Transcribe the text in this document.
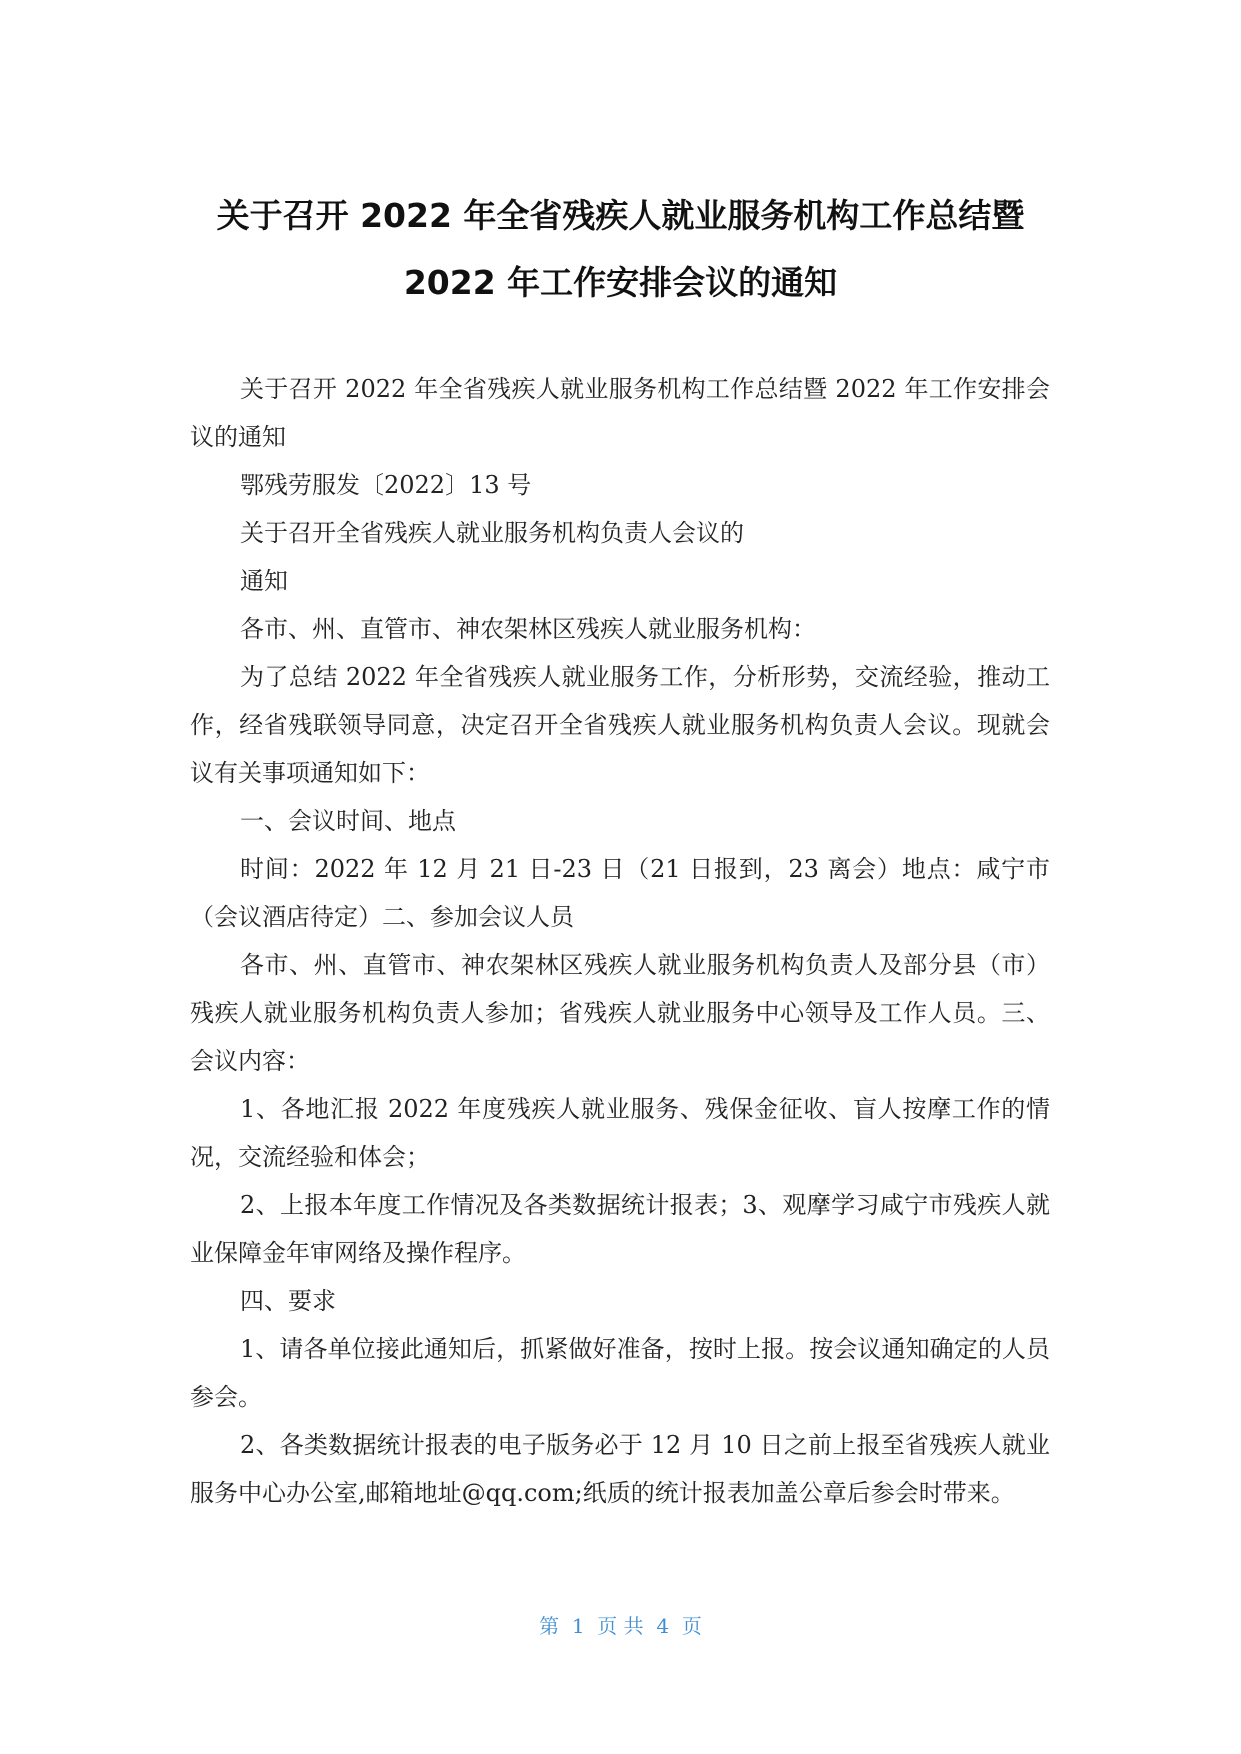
关于召开 2022 年全省残疾人就业服务机构工作总结暨
2022 年工作安排会议的通知

关于召开 2022 年全省残疾人就业服务机构工作总结暨 2022 年工作安排会议的通知

鄂残劳服发〔2022〕13 号

关于召开全省残疾人就业服务机构负责人会议的

通知

各市、州、直管市、神农架林区残疾人就业服务机构：

为了总结 2022 年全省残疾人就业服务工作，分析形势，交流经验，推动工作，经省残联领导同意，决定召开全省残疾人就业服务机构负责人会议。现就会议有关事项通知如下：

一、会议时间、地点

时间：2022 年 12 月 21 日-23 日（21 日报到，23 离会）地点：咸宁市（会议酒店待定）二、参加会议人员

各市、州、直管市、神农架林区残疾人就业服务机构负责人及部分县（市）残疾人就业服务机构负责人参加；省残疾人就业服务中心领导及工作人员。三、会议内容：

1、各地汇报 2022 年度残疾人就业服务、残保金征收、盲人按摩工作的情况，交流经验和体会；

2、上报本年度工作情况及各类数据统计报表；3、观摩学习咸宁市残疾人就业保障金年审网络及操作程序。

四、要求

1、请各单位接此通知后，抓紧做好准备，按时上报。按会议通知确定的人员参会。

2、各类数据统计报表的电子版务必于 12 月 10 日之前上报至省残疾人就业服务中心办公室,邮箱地址@qq.com;纸质的统计报表加盖公章后参会时带来。

第  1  页 共  4  页
